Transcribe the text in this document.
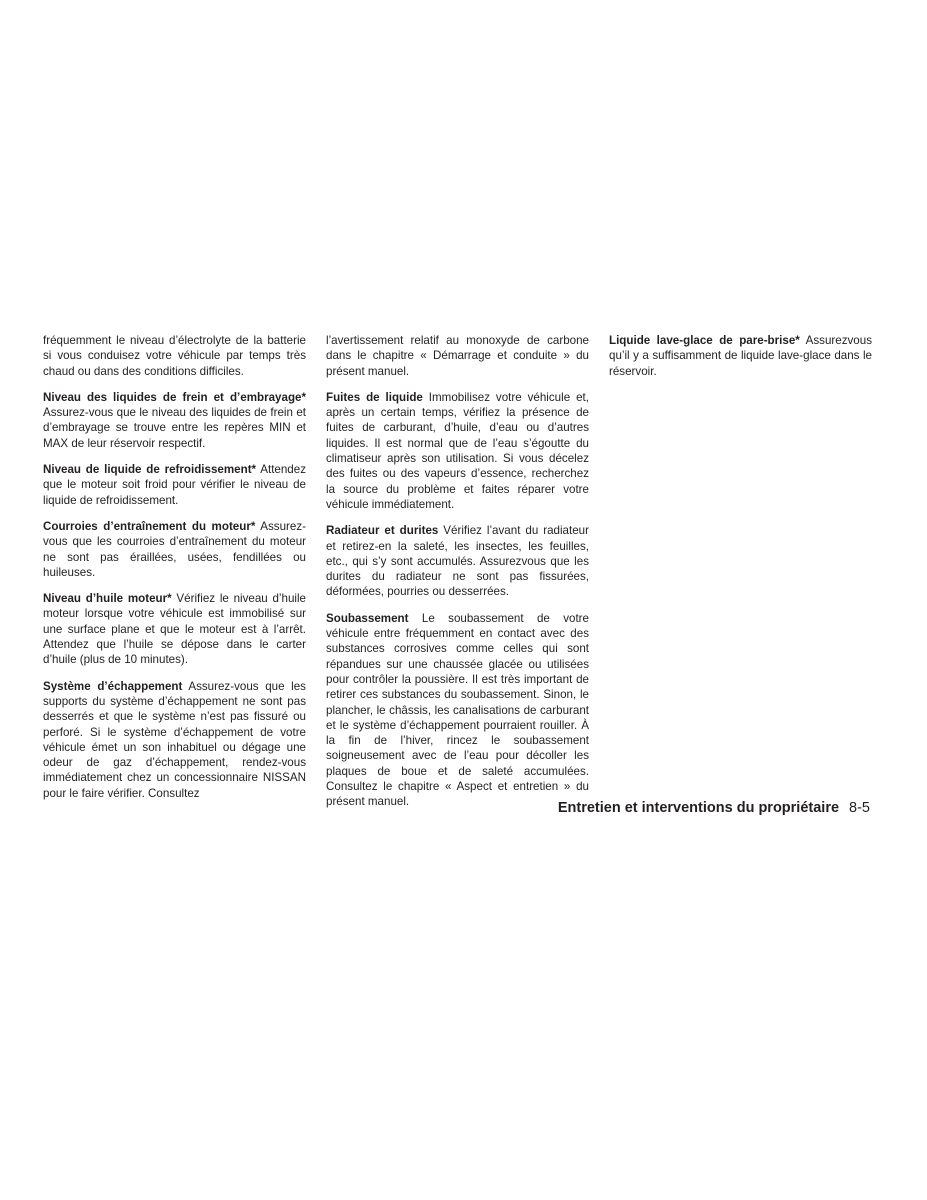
fréquemment le niveau d’électrolyte de la batterie si vous conduisez votre véhicule par temps très chaud ou dans des conditions difficiles.

Niveau des liquides de frein et d’embrayage* Assurez-vous que le niveau des liquides de frein et d’embrayage se trouve entre les repères MIN et MAX de leur réservoir respectif.

Niveau de liquide de refroidissement* Attendez que le moteur soit froid pour vérifier le niveau de liquide de refroidissement.

Courroies d’entraînement du moteur* Assurez-vous que les courroies d’entraînement du moteur ne sont pas éraillées, usées, fendillées ou huileuses.

Niveau d’huile moteur* Vérifiez le niveau d’huile moteur lorsque votre véhicule est immobilisé sur une surface plane et que le moteur est à l’arrêt. Attendez que l’huile se dépose dans le carter d’huile (plus de 10 minutes).

Système d’échappement Assurez-vous que les supports du système d’échappement ne sont pas desserrés et que le système n’est pas fissuré ou perforé. Si le système d’échappement de votre véhicule émet un son inhabituel ou dégage une odeur de gaz d’échappement, rendez-vous immédiatement chez un concessionnaire NISSAN pour le faire vérifier. Consultez

l’avertissement relatif au monoxyde de carbone dans le chapitre « Démarrage et conduite » du présent manuel.

Fuites de liquide Immobilisez votre véhicule et, après un certain temps, vérifiez la présence de fuites de carburant, d’huile, d’eau ou d’autres liquides. Il est normal que de l’eau s’égoutte du climatiseur après son utilisation. Si vous décelez des fuites ou des vapeurs d’essence, recherchez la source du problème et faites réparer votre véhicule immédiatement.

Radiateur et durites Vérifiez l’avant du radiateur et retirez-en la saleté, les insectes, les feuilles, etc., qui s’y sont accumulés. Assurezvous que les durites du radiateur ne sont pas fissurées, déformées, pourries ou desserrées.

Soubassement Le soubassement de votre véhicule entre fréquemment en contact avec des substances corrosives comme celles qui sont répandues sur une chaussée glacée ou utilisées pour contrôler la poussière. Il est très important de retirer ces substances du soubassement. Sinon, le plancher, le châssis, les canalisations de carburant et le système d’échappement pourraient rouiller. À la fin de l’hiver, rincez le soubassement soigneusement avec de l’eau pour décoller les plaques de boue et de saleté accumulées. Consultez le chapitre « Aspect et entretien » du présent manuel.

Liquide lave-glace de pare-brise* Assurezvous qu’il y a suffisamment de liquide lave-glace dans le réservoir.

Entretien et interventions du propriétaire 8-5
